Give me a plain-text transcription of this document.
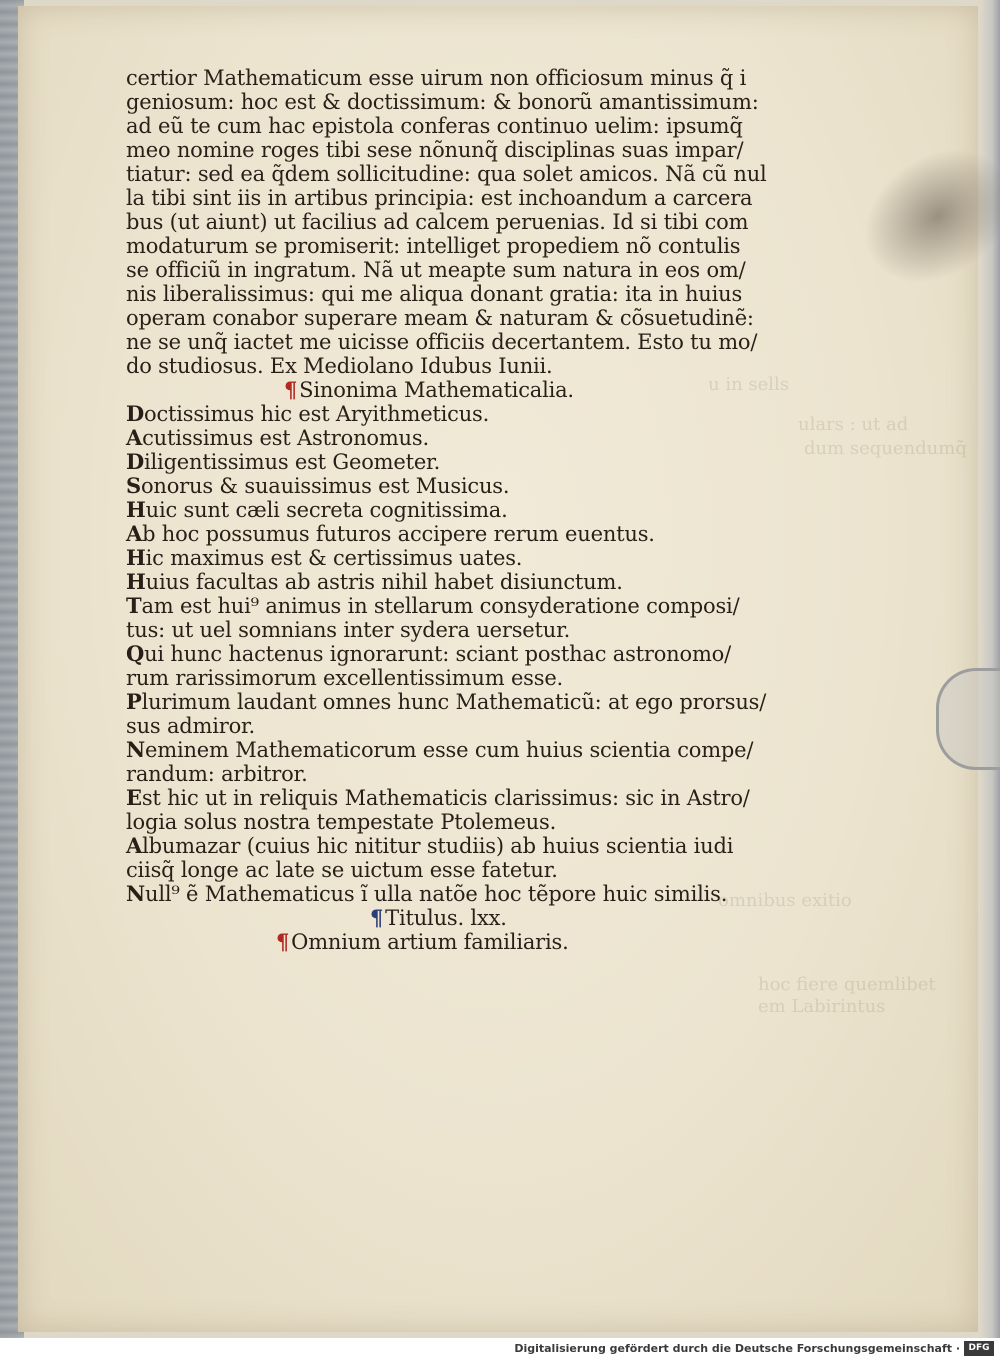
u in sells
ulars : ut ad
dum sequendumq̃
omnibus exitio
hoc fiere quemlibet
em Labirintus
certior Mathematicum esse uirum non officiosum minus q̃ i
geniosum: hoc est & doctissimum: & bonorũ amantissimum:
ad eũ te cum hac epistola conferas continuo uelim: ipsumq̃
meo nomine roges tibi sese nõnunq̃ disciplinas suas impar/
tiatur: sed ea q̃dem sollicitudine: qua solet amicos. Nã cũ nul
la tibi sint iis in artibus principia: est inchoandum a carcera
bus (ut aiunt) ut facilius ad calcem peruenias. Id si tibi com
modaturum se promiserit: intelliget propediem nõ contulis
se officiũ in ingratum. Nã ut meapte sum natura in eos om/
nis liberalissimus: qui me aliqua donant gratia: ita in huius
operam conabor superare meam & naturam & cõsuetudinẽ:
ne se unq̃ iactet me uicisse officiis decertantem. Esto tu mo/
do studiosus. Ex Mediolano Idubus Iunii.
¶Sinonima Mathematicalia.
Doctissimus hic est Aryithmeticus.
Acutissimus est Astronomus.
Diligentissimus est Geometer.
Sonorus & suauissimus est Musicus.
Huic sunt cæli secreta cognitissima.
Ab hoc possumus futuros accipere rerum euentus.
Hic maximus est & certissimus uates.
Huius facultas ab astris nihil habet disiunctum.
Tam est hui⁹ animus in stellarum consyderatione composi/
tus: ut uel somnians inter sydera uersetur.
Qui hunc hactenus ignorarunt: sciant posthac astronomo/
rum rarissimorum excellentissimum esse.
Plurimum laudant omnes hunc Mathematicũ: at ego prorsus/
sus admiror.
Neminem Mathematicorum esse cum huius scientia compe/
randum: arbitror.
Est hic ut in reliquis Mathematicis clarissimus: sic in Astro/
logia solus nostra tempestate Ptolemeus.
Albumazar (cuius hic nititur studiis) ab huius scientia iudi
ciisq̃ longe ac late se uictum esse fatetur.
Null⁹ ẽ Mathematicus ĩ ulla natõe hoc tẽpore huic similis.
¶Titulus. lxx.
¶Omnium artium familiaris.
Digitalisierung gefördert durch die Deutsche Forschungsgemeinschaft · DFG
